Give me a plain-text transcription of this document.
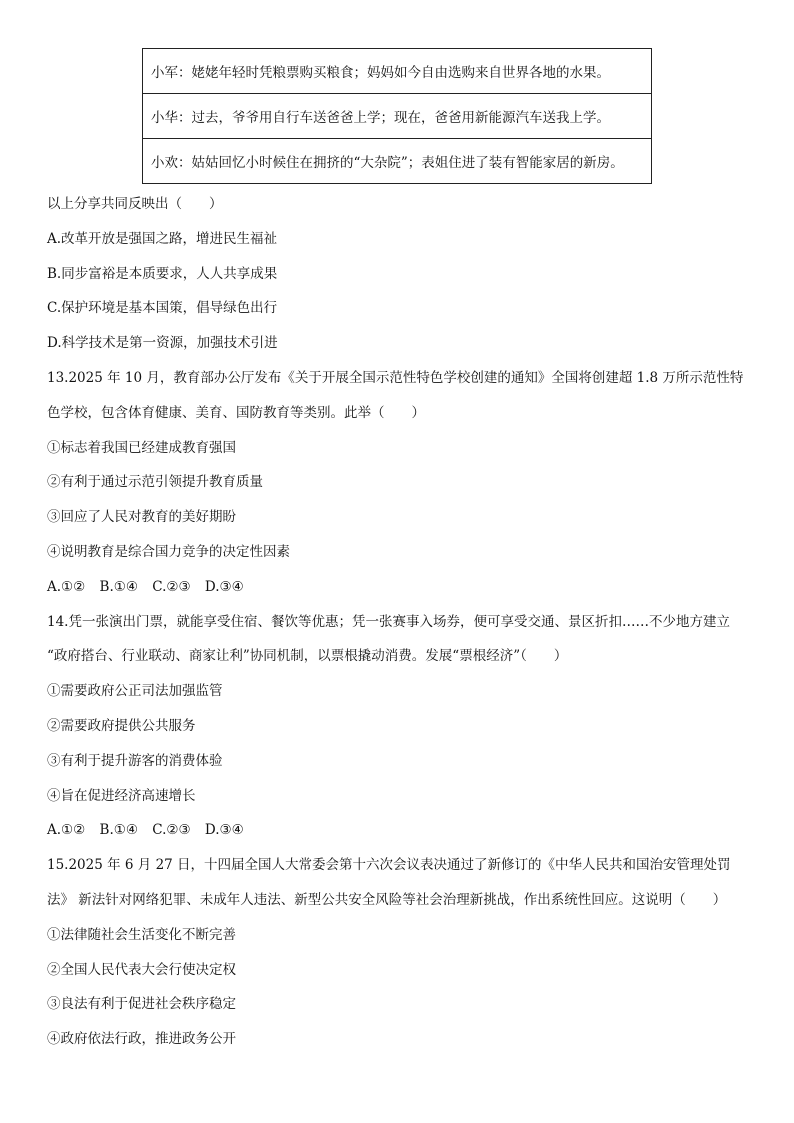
小军：姥姥年轻时凭粮票购买粮食；妈妈如今自由选购来自世界各地的水果。
小华：过去，爷爷用自行车送爸爸上学；现在，爸爸用新能源汽车送我上学。
小欢：姑姑回忆小时候住在拥挤的“大杂院”；表姐住进了装有智能家居的新房。
以上分享共同反映出（　　）
A.改革开放是强国之路，增进民生福祉
B.同步富裕是本质要求，人人共享成果
C.保护环境是基本国策，倡导绿色出行
D.科学技术是第一资源，加强技术引进
13.2025 年 10 月，教育部办公厅发布《关于开展全国示范性特色学校创建的通知》全国将创建超 1.8 万所示范性特
色学校，包含体育健康、美育、国防教育等类别。此举（　　）
①标志着我国已经建成教育强国
②有利于通过示范引领提升教育质量
③回应了人民对教育的美好期盼
④说明教育是综合国力竞争的决定性因素
A.①② B.①④ C.②③ D.③④
14.凭一张演出门票，就能享受住宿、餐饮等优惠；凭一张赛事入场券，便可享受交通、景区折扣……不少地方建立
“政府搭台、行业联动、商家让利”协同机制，以票根撬动消费。发展“票根经济”（　　）
①需要政府公正司法加强监管
②需要政府提供公共服务
③有利于提升游客的消费体验
④旨在促进经济高速增长
A.①② B.①④ C.②③ D.③④
15.2025 年 6 月 27 日，十四届全国人大常委会第十六次会议表决通过了新修订的《中华人民共和国治安管理处罚
法》 新法针对网络犯罪、未成年人违法、新型公共安全风险等社会治理新挑战，作出系统性回应。这说明（　　）
①法律随社会生活变化不断完善
②全国人民代表大会行使决定权
③良法有利于促进社会秩序稳定
④政府依法行政，推进政务公开
